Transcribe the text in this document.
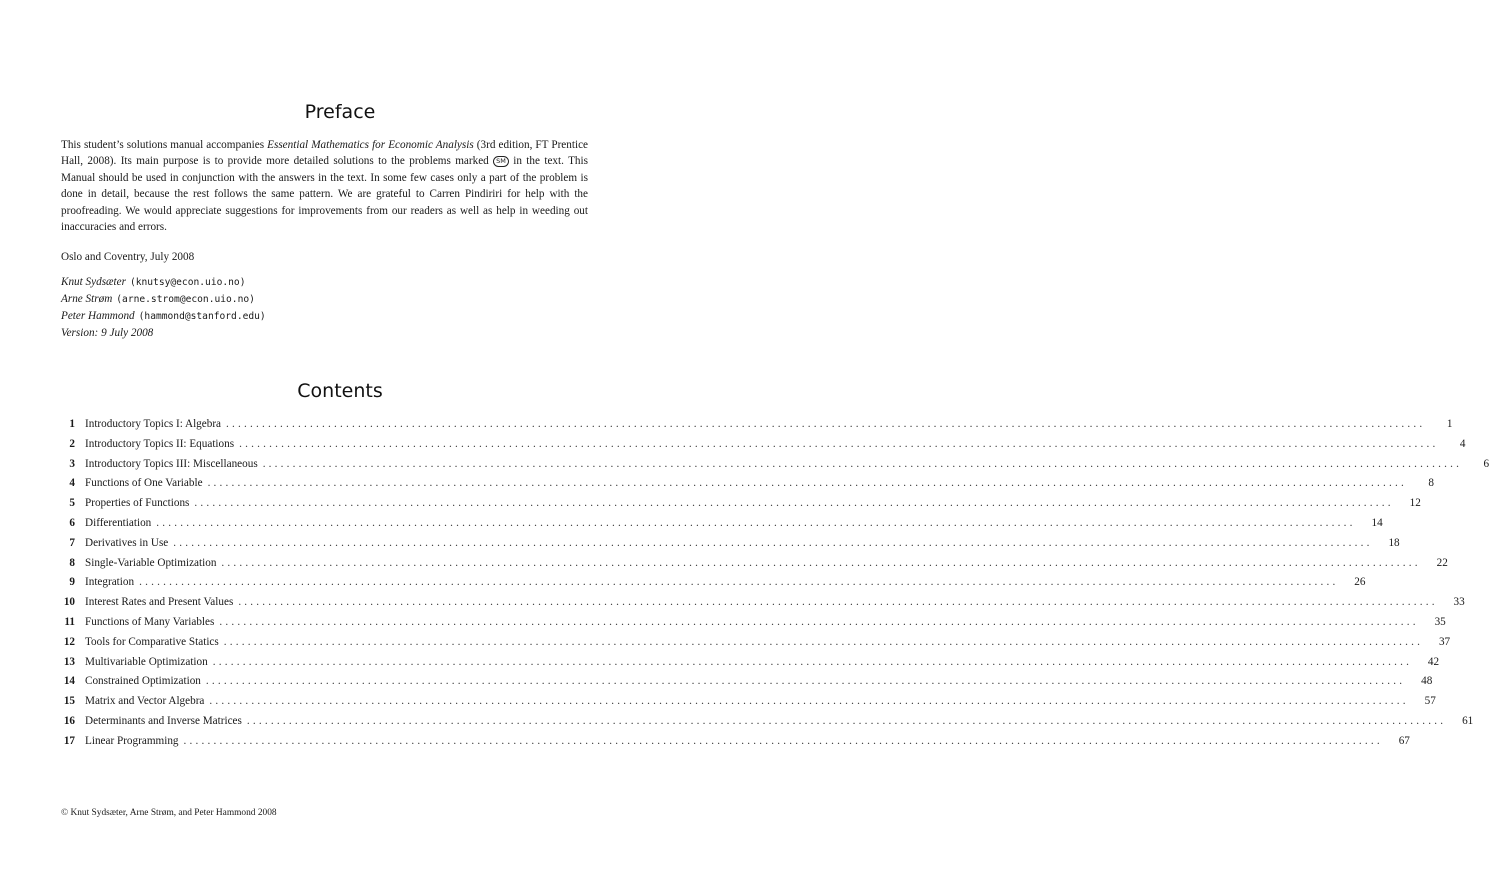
Preface

This student’s solutions manual accompanies Essential Mathematics for Economic Analysis (3rd edition, FT Prentice Hall, 2008). Its main purpose is to provide more detailed solutions to the problems marked SM in the text. This Manual should be used in conjunction with the answers in the text. In some few cases only a part of the problem is done in detail, because the rest follows the same pattern. We are grateful to Carren Pindiriri for help with the proofreading. We would appreciate suggestions for improvements from our readers as well as help in weeding out inaccuracies and errors.

Oslo and Coventry, July 2008

Knut Sydsæter (knutsy@econ.uio.no)
Arne Strøm (arne.strom@econ.uio.no)
Peter Hammond (hammond@stanford.edu)
Version: 9 July 2008
Contents
1 Introductory Topics I: Algebra ........................................................................................................................................................................................................	1
2 Introductory Topics II: Equations ........................................................................................................................................................................................................	4
3 Introductory Topics III: Miscellaneous ........................................................................................................................................................................................................	6
4 Functions of One Variable ........................................................................................................................................................................................................	8
5 Properties of Functions ........................................................................................................................................................................................................	12
6 Differentiation ........................................................................................................................................................................................................	14
7 Derivatives in Use ........................................................................................................................................................................................................	18
8 Single-Variable Optimization ........................................................................................................................................................................................................	22
9 Integration ........................................................................................................................................................................................................	26
10 Interest Rates and Present Values ........................................................................................................................................................................................................	33
11 Functions of Many Variables ........................................................................................................................................................................................................	35
12 Tools for Comparative Statics ........................................................................................................................................................................................................	37
13 Multivariable Optimization ........................................................................................................................................................................................................	42
14 Constrained Optimization ........................................................................................................................................................................................................	48
15 Matrix and Vector Algebra ........................................................................................................................................................................................................	57
16 Determinants and Inverse Matrices ........................................................................................................................................................................................................	61
17 Linear Programming ........................................................................................................................................................................................................	67

© Knut Sydsæter, Arne Strøm, and Peter Hammond 2008
